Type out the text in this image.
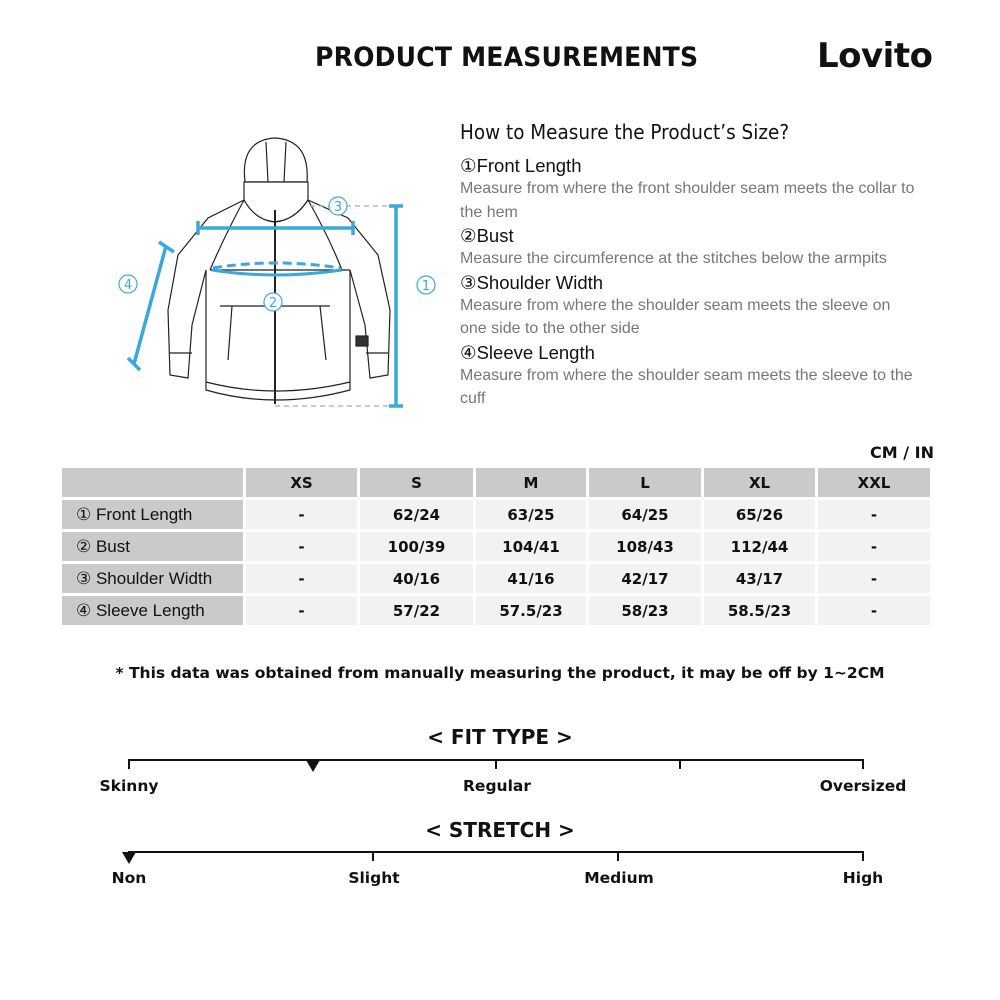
PRODUCT MEASUREMENTS	Lovito
3
2
1
4
How to Measure the Product’s Size?
①Front Length
Measure from where the front shoulder seam meets the collar to the hem
②Bust
Measure the circumference at the stitches below the armpits
③Shoulder Width
Measure from where the shoulder seam meets the sleeve on one side to the other side
④Sleeve Length
Measure from where the shoulder seam meets the sleeve to the cuff
CM / IN
	XS	S	M	L	XL	XXL
① Front Length	-	62/24	63/25	64/25	65/26	-
② Bust	-	100/39	104/41	108/43	112/44	-
③ Shoulder Width	-	40/16	41/16	42/17	43/17	-
④ Sleeve Length	-	57/22	57.5/23	58/23	58.5/23	-
* This data was obtained from manually measuring the product, it may be off by 1~2CM
< FIT TYPE >
Skinny	Regular	Oversized
< STRETCH >
Non	Slight	Medium	High
